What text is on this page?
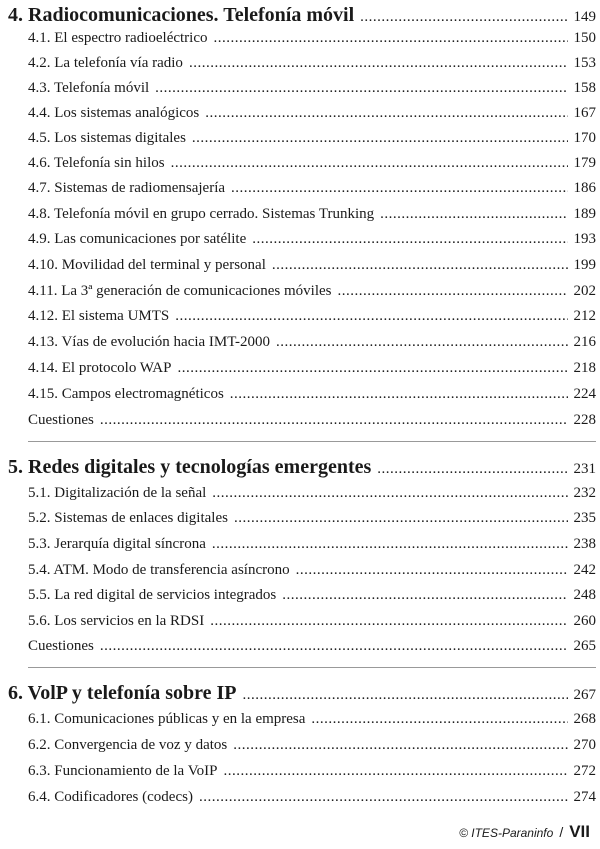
4. Radiocomunicaciones. Telefonía móvil .....	149
4.1. El espectro radioeléctrico .....	150
4.2. La telefonía vía radio .....	153
4.3. Telefonía móvil .....	158
4.4. Los sistemas analógicos .....	167
4.5. Los sistemas digitales .....	170
4.6. Telefonía sin hilos .....	179
4.7. Sistemas de radiomensajería .....	186
4.8. Telefonía móvil en grupo cerrado. Sistemas Trunking .....	189
4.9. Las comunicaciones por satélite .....	193
4.10. Movilidad del terminal y personal .....	199
4.11. La 3ª generación de comunicaciones móviles .....	202
4.12. El sistema UMTS .....	212
4.13. Vías de evolución hacia IMT-2000 .....	216
4.14. El protocolo WAP .....	218
4.15. Campos electromagnéticos .....	224
Cuestiones .....	228
5. Redes digitales y tecnologías emergentes .....	231
5.1. Digitalización de la señal .....	232
5.2. Sistemas de enlaces digitales .....	235
5.3. Jerarquía digital síncrona .....	238
5.4. ATM. Modo de transferencia asíncrono .....	242
5.5. La red digital de servicios integrados .....	248
5.6. Los servicios en la RDSI .....	260
Cuestiones .....	265
6. VolP y telefonía sobre IP .....	267
6.1. Comunicaciones públicas y en la empresa .....	268
6.2. Convergencia de voz y datos .....	270
6.3. Funcionamiento de la VoIP .....	272
6.4. Codificadores (codecs) .....	274
© ITES-Paraninfo / VII
